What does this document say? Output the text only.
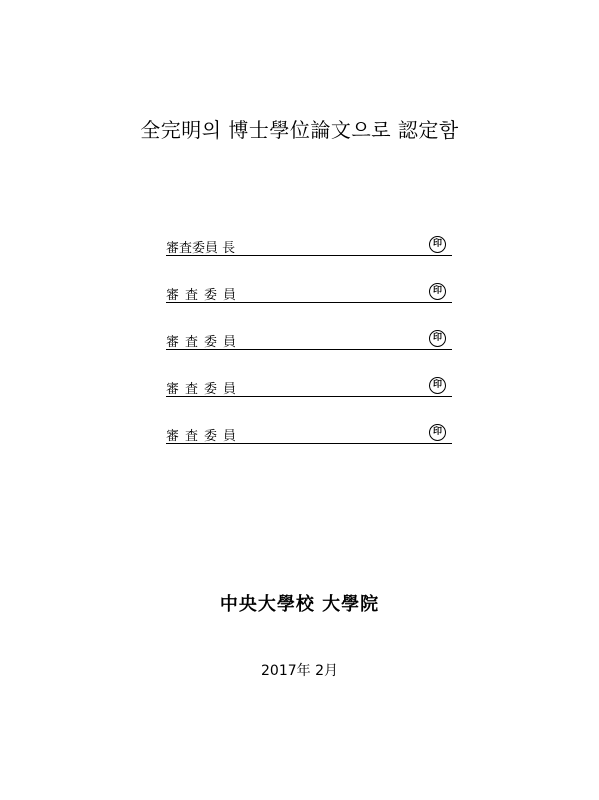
全完明의 博士學位論文으로 認定함
審査委員 長	印
審査委員	印
審査委員	印
審査委員	印
審査委員	印
中央大學校 大學院
2017年 2月
